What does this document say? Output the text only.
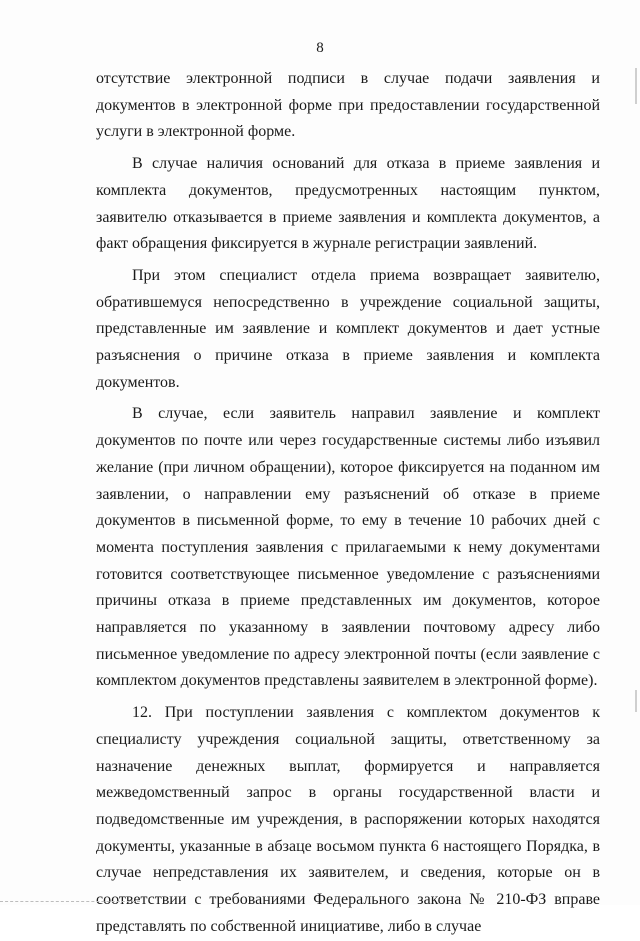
8

отсутствие электронной подписи в случае подачи заявления и документов в электронной форме при предоставлении государственной услуги в электронной форме.

В случае наличия оснований для отказа в приеме заявления и комплекта документов, предусмотренных настоящим пунктом, заявителю отказывается в приеме заявления и комплекта документов, а факт обращения фиксируется в журнале регистрации заявлений.

При этом специалист отдела приема возвращает заявителю, обратившемуся непосредственно в учреждение социальной защиты, представленные им заявление и комплект документов и дает устные разъяснения о причине отказа в приеме заявления и комплекта документов.

В случае, если заявитель направил заявление и комплект документов по почте или через государственные системы либо изъявил желание (при личном обращении), которое фиксируется на поданном им заявлении, о направлении ему разъяснений об отказе в приеме документов в письменной форме, то ему в течение 10 рабочих дней с момента поступления заявления с прилагаемыми к нему документами готовится соответствующее письменное уведомление с разъяснениями причины отказа в приеме представленных им документов, которое направляется по указанному в заявлении почтовому адресу либо письменное уведомление по адресу электронной почты (если заявление с комплектом документов представлены заявителем в электронной форме).

12. При поступлении заявления с комплектом документов к специалисту учреждения социальной защиты, ответственному за назначение денежных выплат, формируется и направляется межведомственный запрос в органы государственной власти и подведомственные им учреждения, в распоряжении которых находятся документы, указанные в абзаце восьмом пункта 6 настоящего Порядка, в случае непредставления их заявителем, и сведения, которые он в соответствии с требованиями Федерального закона № 210-ФЗ вправе представлять по собственной инициативе, либо в случае
